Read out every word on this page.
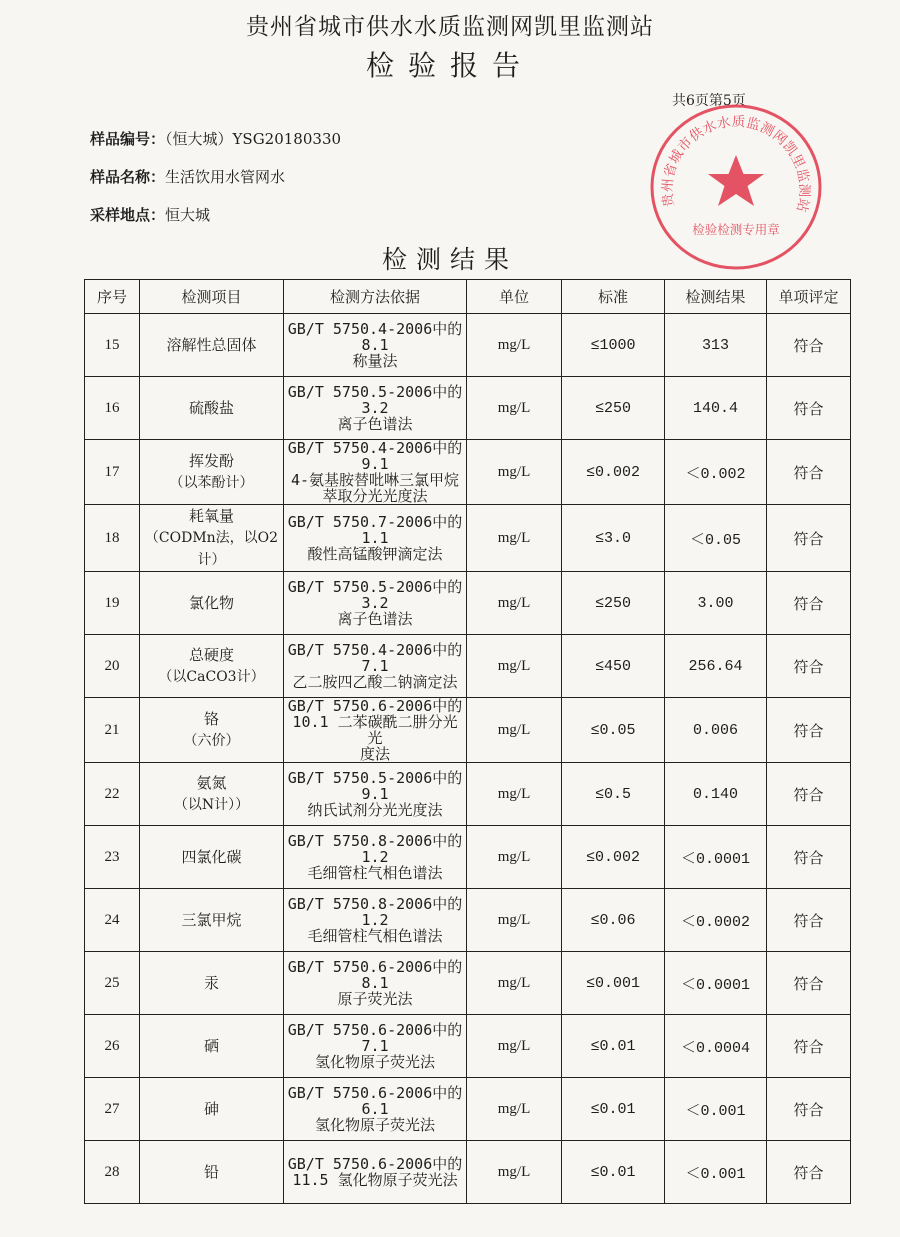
贵州省城市供水水质监测网凯里监测站
检验报告
共6页第5页
样品编号：（恒大城）YSG20180330
样品名称：生活饮用水管网水
采样地点：恒大城
贵州省城市供水水质监测网凯里监测站
检验检测专用章
检测结果
序号	检测项目	检测方法依据	单位	标准	检测结果	单项评定
15	溶解性总固体	GB/T 5750.4-2006中的8.1
称量法	mg/L	≤1000	313	符合
16	硫酸盐	GB/T 5750.5-2006中的3.2
离子色谱法	mg/L	≤250	140.4	符合
17	挥发酚
（以苯酚计）	GB/T 5750.4-2006中的9.1
4-氨基胺替吡啉三氯甲烷
萃取分光光度法	mg/L	≤0.002	＜0.002	符合
18	耗氧量
（CODMn法，以O2计）	GB/T 5750.7-2006中的1.1
酸性高锰酸钾滴定法	mg/L	≤3.0	＜0.05	符合
19	氯化物	GB/T 5750.5-2006中的3.2
离子色谱法	mg/L	≤250	3.00	符合
20	总硬度
（以CaCO3计）	GB/T 5750.4-2006中的7.1
乙二胺四乙酸二钠滴定法	mg/L	≤450	256.64	符合
21	铬
（六价）	GB/T 5750.6-2006中的
10.1 二苯碳酰二肼分光光
度法	mg/L	≤0.05	0.006	符合
22	氨氮
（以N计））	GB/T 5750.5-2006中的9.1
纳氏试剂分光光度法	mg/L	≤0.5	0.140	符合
23	四氯化碳	GB/T 5750.8-2006中的1.2
毛细管柱气相色谱法	mg/L	≤0.002	＜0.0001	符合
24	三氯甲烷	GB/T 5750.8-2006中的1.2
毛细管柱气相色谱法	mg/L	≤0.06	＜0.0002	符合
25	汞	GB/T 5750.6-2006中的8.1
原子荧光法	mg/L	≤0.001	＜0.0001	符合
26	硒	GB/T 5750.6-2006中的7.1
氢化物原子荧光法	mg/L	≤0.01	＜0.0004	符合
27	砷	GB/T 5750.6-2006中的6.1
氢化物原子荧光法	mg/L	≤0.01	＜0.001	符合
28	铅	GB/T 5750.6-2006中的
11.5 氢化物原子荧光法	mg/L	≤0.01	＜0.001	符合
